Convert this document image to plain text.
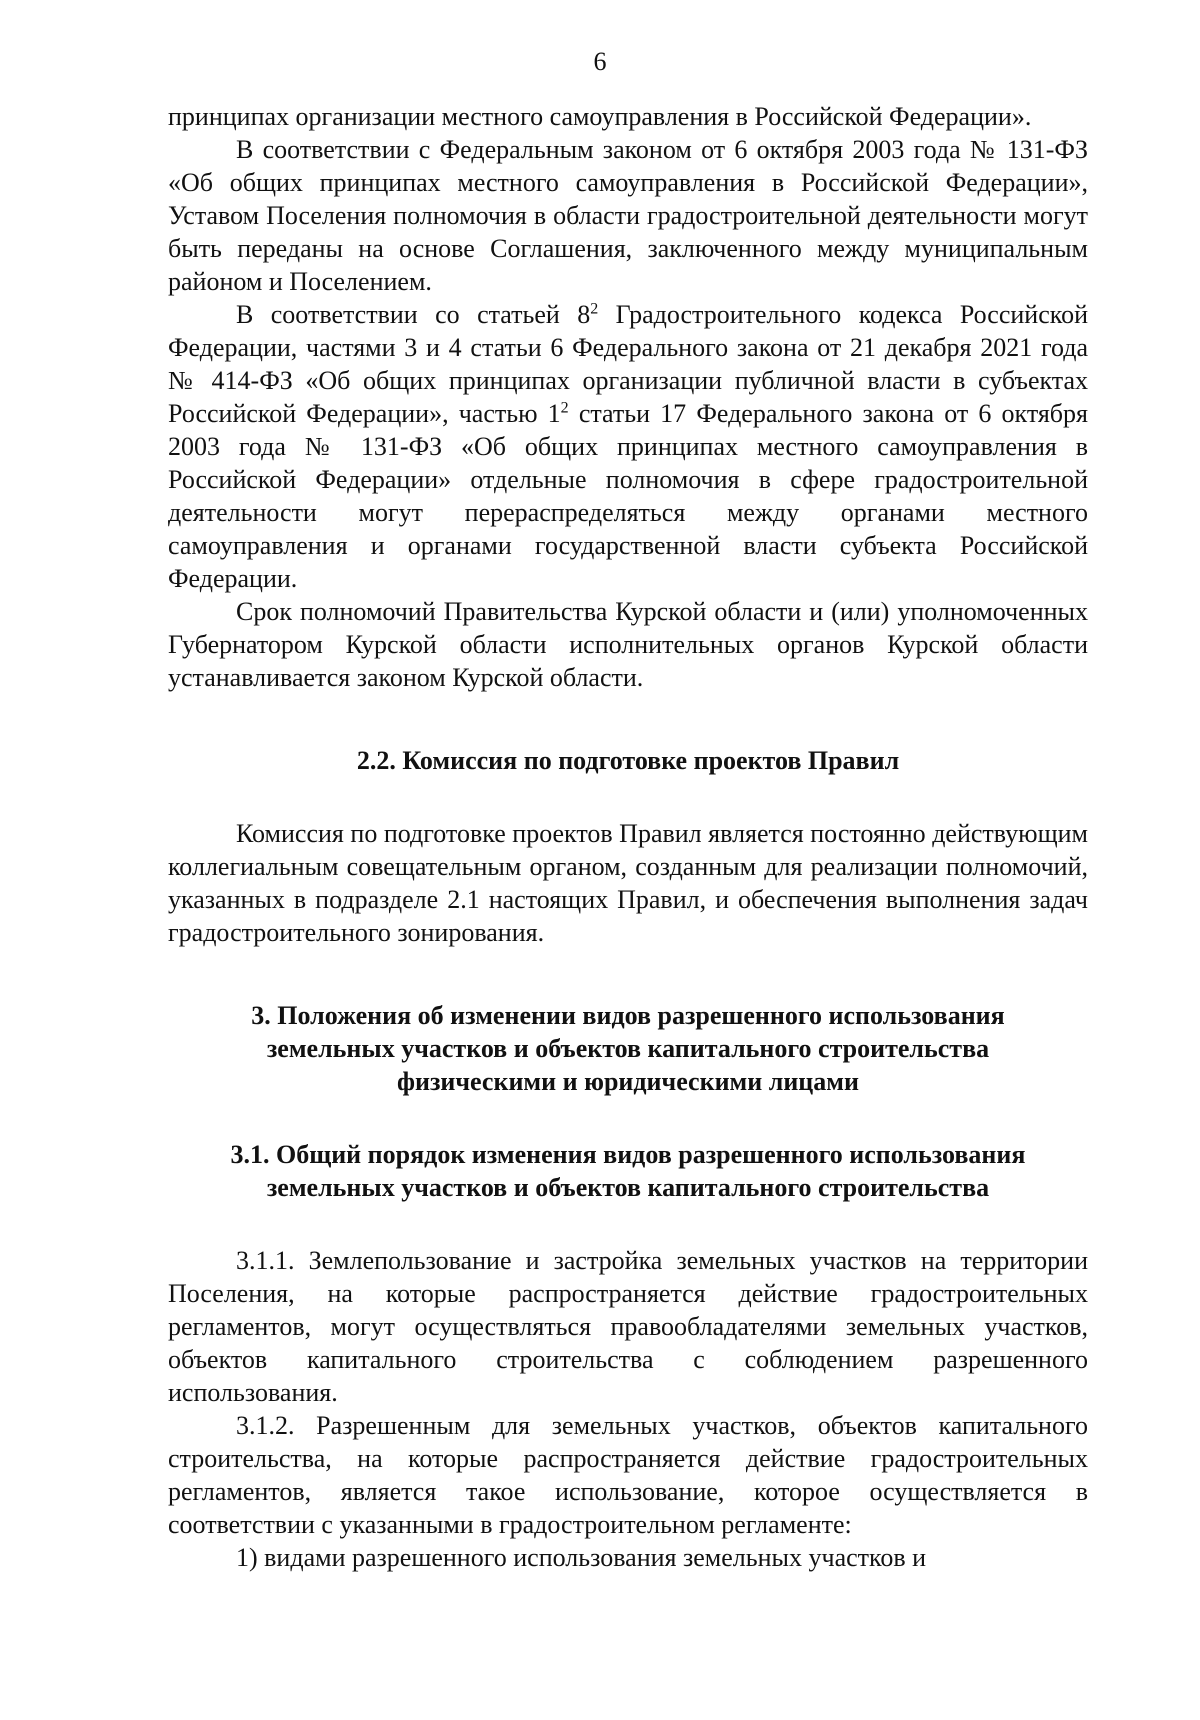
6

принципах организации местного самоуправления в Российской Федерации».

В соответствии с Федеральным законом от 6 октября 2003 года № 131-ФЗ «Об общих принципах местного самоуправления в Российской Федерации», Уставом Поселения полномочия в области градостроительной деятельности могут быть переданы на основе Соглашения, заключенного между муниципальным районом и Поселением.

В соответствии со статьей $8^2$ Градостроительного кодекса Российской Федерации, частями 3 и 4 статьи 6 Федерального закона от 21 декабря 2021 года № 414-ФЗ «Об общих принципах организации публичной власти в субъектах Российской Федерации», частью $1^2$ статьи 17 Федерального закона от 6 октября 2003 года № 131-ФЗ «Об общих принципах местного самоуправления в Российской Федерации» отдельные полномочия в сфере градостроительной деятельности могут перераспределяться между органами местного самоуправления и органами государственной власти субъекта Российской Федерации.

Срок полномочий Правительства Курской области и (или) уполномоченных Губернатором Курской области исполнительных органов Курской области устанавливается законом Курской области.

2.2. Комиссия по подготовке проектов Правил

Комиссия по подготовке проектов Правил является постоянно действующим коллегиальным совещательным органом, созданным для реализации полномочий, указанных в подразделе 2.1 настоящих Правил, и обеспечения выполнения задач градостроительного зонирования.

3. Положения об изменении видов разрешенного использования
земельных участков и объектов капитального строительства
физическими и юридическими лицами
3.1. Общий порядок изменения видов разрешенного использования
земельных участков и объектов капитального строительства

3.1.1. Землепользование и застройка земельных участков на территории Поселения, на которые распространяется действие градостроительных регламентов, могут осуществляться правообладателями земельных участков, объектов капитального строительства с соблюдением разрешенного использования.

3.1.2. Разрешенным для земельных участков, объектов капитального строительства, на которые распространяется действие градостроительных регламентов, является такое использование, которое осуществляется в соответствии с указанными в градостроительном регламенте:

1) видами разрешенного использования земельных участков и
